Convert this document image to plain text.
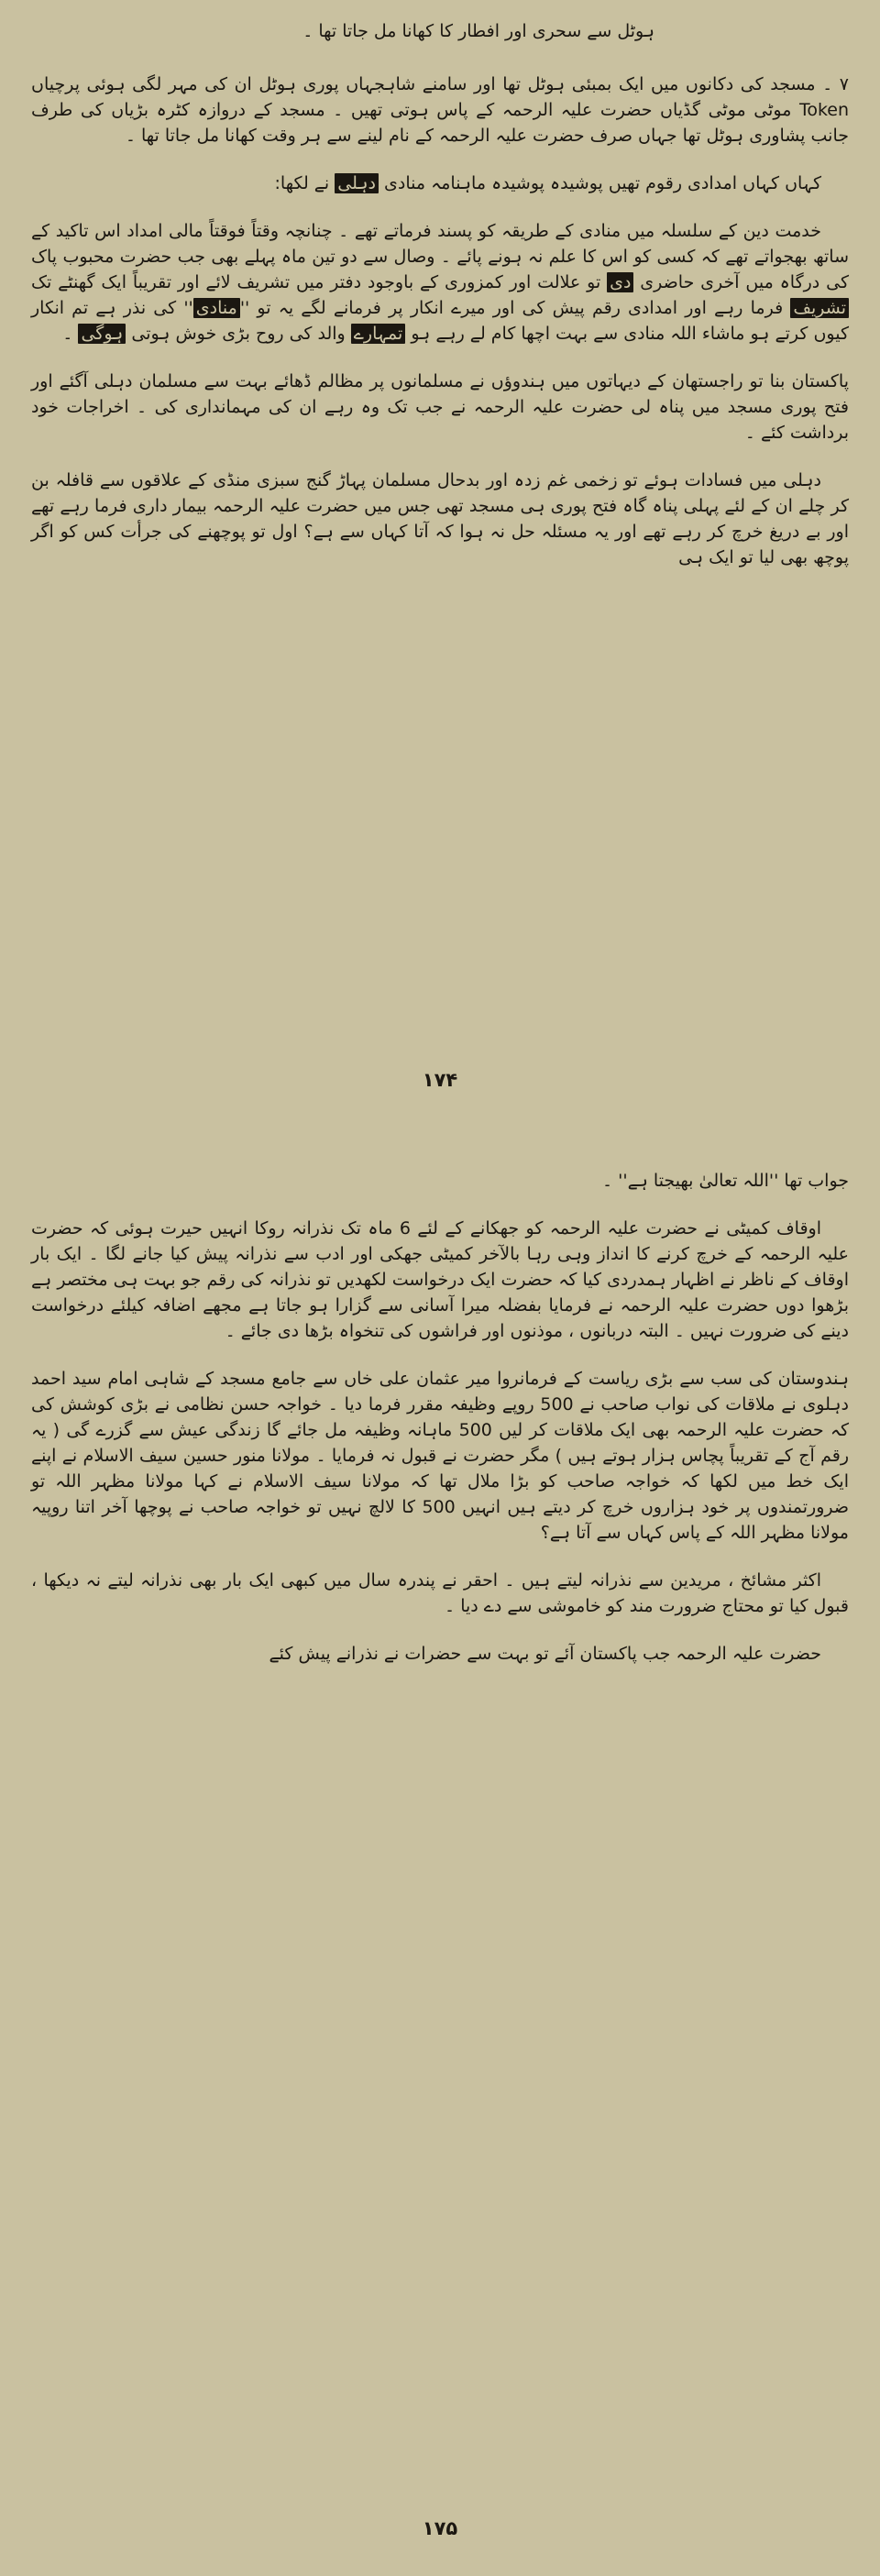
ہوٹل سے سحری اور افطار کا کھانا مل جاتا تھا ۔
۷ ۔ مسجد کی دکانوں میں ایک بمبئی ہوٹل تھا اور سامنے شاہجہاں پوری ہوٹل ان کی مہر لگی ہوئی پرچیاں Token موٹی موٹی گڈیاں حضرت علیہ الرحمہ کے پاس ہوتی تھیں ۔ مسجد کے دروازہ کٹرہ بڑیاں کی طرف جانب پشاوری ہوٹل تھا جہاں صرف حضرت علیہ الرحمہ کے نام لینے سے ہر وقت کھانا مل جاتا تھا ۔
کہاں کہاں امدادی رقوم تھیں پوشیدہ پوشیدہ ماہنامہ منادی دہلی نے لکھا:
خدمت دین کے سلسلہ میں منادی کے طریقہ کو پسند فرماتے تھے ۔ چنانچہ وقتاً فوقتاً مالی امداد اس تاکید کے ساتھ بھجواتے تھے کہ کسی کو اس کا علم نہ ہونے پائے ۔ وصال سے دو تین ماہ پہلے بھی جب حضرت محبوب پاک کی درگاہ میں آخری حاضری دی تو علالت اور کمزوری کے باوجود دفتر میں تشریف لائے اور تقریباً ایک گھنٹے تک تشریف فرما رہے اور امدادی رقم پیش کی اور میرے انکار پر فرمانے لگے یہ تو ''منادی'' کی نذر ہے تم انکار کیوں کرتے ہو ماشاء اللہ منادی سے بہت اچھا کام لے رہے ہو تمہارے والد کی روح بڑی خوش ہوتی ہوگی ۔
پاکستان بنا تو راجستھان کے دیہاتوں میں ہندوؤں نے مسلمانوں پر مظالم ڈھائے بہت سے مسلمان دہلی آگئے اور فتح پوری مسجد میں پناہ لی حضرت علیہ الرحمہ نے جب تک وہ رہے ان کی مہمانداری کی ۔ اخراجات خود برداشت کئے ۔
دہلی میں فسادات ہوئے تو زخمی غم زدہ اور بدحال مسلمان پہاڑ گنج سبزی منڈی کے علاقوں سے قافلہ بن کر چلے ان کے لئے پہلی پناہ گاہ فتح پوری ہی مسجد تھی جس میں حضرت علیہ الرحمہ بیمار داری فرما رہے تھے اور بے دریغ خرچ کر رہے تھے اور یہ مسئلہ حل نہ ہوا کہ آتا کہاں سے ہے؟ اول تو پوچھنے کی جرأت کس کو اگر پوچھ بھی لیا تو ایک ہی
۱۷۴
جواب تھا ''اللہ تعالیٰ بھیجتا ہے'' ۔
اوقاف کمیٹی نے حضرت علیہ الرحمہ کو جھکانے کے لئے 6 ماہ تک نذرانہ روکا انہیں حیرت ہوئی کہ حضرت علیہ الرحمہ کے خرچ کرنے کا انداز وہی رہا بالآخر کمیٹی جھکی اور ادب سے نذرانہ پیش کیا جانے لگا ۔ ایک بار اوقاف کے ناظر نے اظہار ہمدردی کیا کہ حضرت ایک درخواست لکھدیں تو نذرانہ کی رقم جو بہت ہی مختصر ہے بڑھوا دوں حضرت علیہ الرحمہ نے فرمایا بفضلہ میرا آسانی سے گزارا ہو جاتا ہے مجھے اضافہ کیلئے درخواست دینے کی ضرورت نہیں ۔ البتہ دربانوں ، موذنوں اور فراشوں کی تنخواہ بڑھا دی جائے ۔
ہندوستان کی سب سے بڑی ریاست کے فرمانروا میر عثمان علی خاں سے جامع مسجد کے شاہی امام سید احمد دہلوی نے ملاقات کی نواب صاحب نے 500 روپے وظیفہ مقرر فرما دیا ۔ خواجہ حسن نظامی نے بڑی کوشش کی کہ حضرت علیہ الرحمہ بھی ایک ملاقات کر لیں 500 ماہانہ وظیفہ مل جائے گا زندگی عیش سے گزرے گی ( یہ رقم آج کے تقریباً پچاس ہزار ہوتے ہیں ) مگر حضرت نے قبول نہ فرمایا ۔ مولانا منور حسین سیف الاسلام نے اپنے ایک خط میں لکھا کہ خواجہ صاحب کو بڑا ملال تھا کہ مولانا سیف الاسلام نے کہا مولانا مظہر اللہ تو ضرورتمندوں پر خود ہزاروں خرچ کر دیتے ہیں انہیں 500 کا لالچ نہیں تو خواجہ صاحب نے پوچھا آخر اتنا روپیہ مولانا مظہر اللہ کے پاس کہاں سے آتا ہے؟
اکثر مشائخ ، مریدین سے نذرانہ لیتے ہیں ۔ احقر نے پندرہ سال میں کبھی ایک بار بھی نذرانہ لیتے نہ دیکھا ، قبول کیا تو محتاج ضرورت مند کو خاموشی سے دے دیا ۔
حضرت علیہ الرحمہ جب پاکستان آئے تو بہت سے حضرات نے نذرانے پیش کئے
۱۷۵
